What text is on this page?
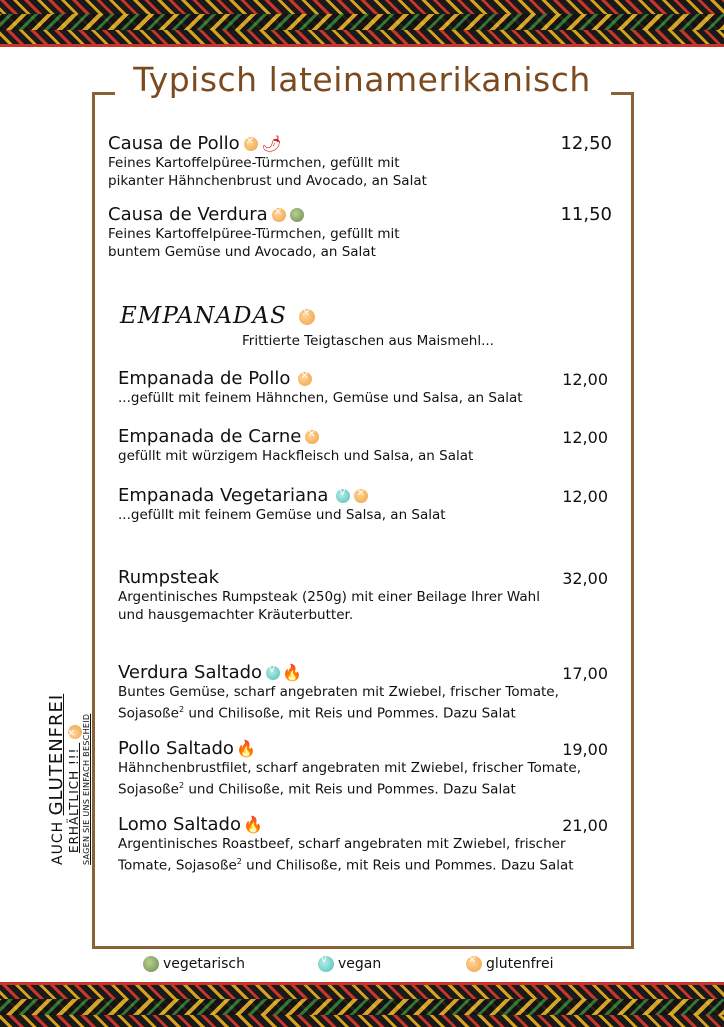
Typisch lateinamerikanisch
Causa de Pollo ✕ 🌶	12,50
Feines Kartoffelpüree-Türmchen, gefüllt mit
pikanter Hähnchenbrust und Avocado, an Salat
Causa de Verdura ✕	11,50
Feines Kartoffelpüree-Türmchen, gefüllt mit
buntem Gemüse und Avocado, an Salat
EMPANADAS ✕
Frittierte Teigtaschen aus Maismehl...
Empanada de Pollo ✕	12,00
...gefüllt mit feinem Hähnchen, Gemüse und Salsa, an Salat
Empanada de Carne ✕	12,00
gefüllt mit würzigem Hackfleisch und Salsa, an Salat
Empanada Vegetariana v ✕	12,00
...gefüllt mit feinem Gemüse und Salsa, an Salat
Rumpsteak	32,00
Argentinisches Rumpsteak (250g) mit einer Beilage Ihrer Wahl
und hausgemachter Kräuterbutter.
Verdura Saltado v 🔥	17,00
Buntes Gemüse, scharf angebraten mit Zwiebel, frischer Tomate,
Sojasoße$^2$ und Chilisoße, mit Reis und Pommes. Dazu Salat
Pollo Saltado 🔥	19,00
Hähnchenbrustfilet, scharf angebraten mit Zwiebel, frischer Tomate,
Sojasoße$^2$ und Chilisoße, mit Reis und Pommes. Dazu Salat
Lomo Saltado 🔥	21,00
Argentinisches Roastbeef, scharf angebraten mit Zwiebel, frischer
Tomate, Sojasoße$^2$ und Chilisoße, mit Reis und Pommes. Dazu Salat
AUCH GLUTENFREI ERHÄLTLICH !!! ✕ SAGEN SIE UNS EINFACH BESCHEID
vegetarisch v	vegan ✕	glutenfrei
